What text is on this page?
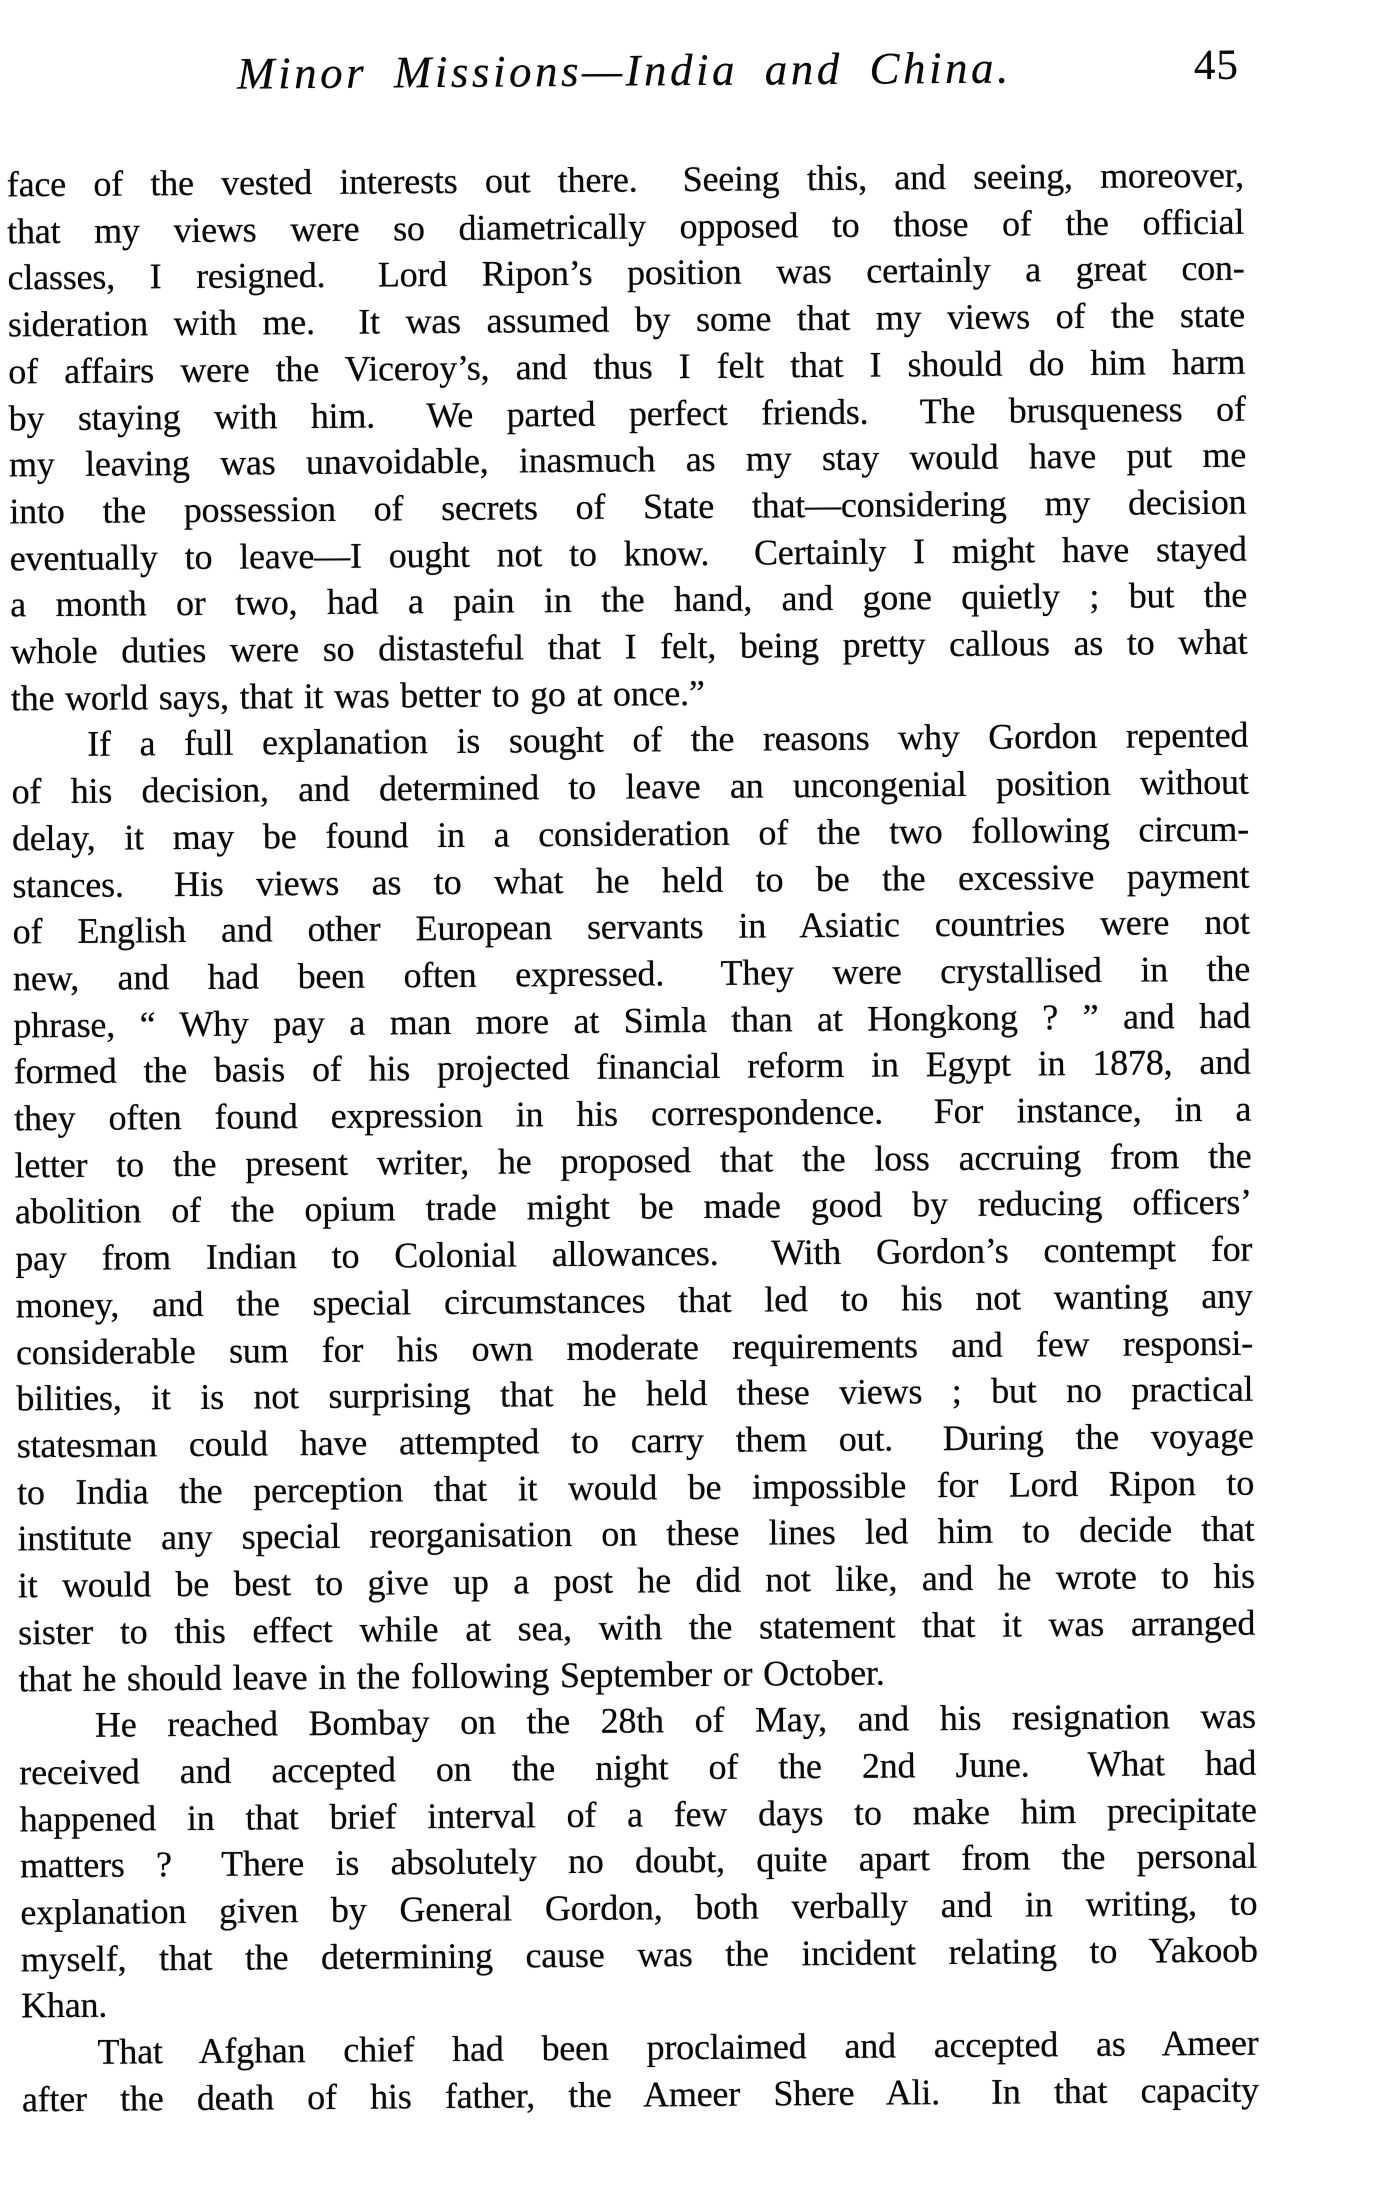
Minor Missions—India and China.	45
face of the vested interests out there.  Seeing this, and seeing, moreover,
that my views were so diametrically opposed to those of the official
classes, I resigned.  Lord Ripon’s position was certainly a great con-
sideration with me.  It was assumed by some that my views of the state
of affairs were the Viceroy’s, and thus I felt that I should do him harm
by staying with him.  We parted perfect friends.  The brusqueness of
my leaving was unavoidable, inasmuch as my stay would have put me
into the possession of secrets of State that—considering my decision
eventually to leave—I ought not to know.  Certainly I might have stayed
a month or two, had a pain in the hand, and gone quietly ; but the
whole duties were so distasteful that I felt, being pretty callous as to what
the world says, that it was better to go at once.”
If a full explanation is sought of the reasons why Gordon repented
of his decision, and determined to leave an uncongenial position without
delay, it may be found in a consideration of the two following circum-
stances.  His views as to what he held to be the excessive payment
of English and other European servants in Asiatic countries were not
new, and had been often expressed.  They were crystallised in the
phrase, “ Why pay a man more at Simla than at Hongkong ? ” and had
formed the basis of his projected financial reform in Egypt in 1878, and
they often found expression in his correspondence.  For instance, in a
letter to the present writer, he proposed that the loss accruing from the
abolition of the opium trade might be made good by reducing officers’
pay from Indian to Colonial allowances.  With Gordon’s contempt for
money, and the special circumstances that led to his not wanting any
considerable sum for his own moderate requirements and few responsi-
bilities, it is not surprising that he held these views ; but no practical
statesman could have attempted to carry them out.  During the voyage
to India the perception that it would be impossible for Lord Ripon to
institute any special reorganisation on these lines led him to decide that
it would be best to give up a post he did not like, and he wrote to his
sister to this effect while at sea, with the statement that it was arranged
that he should leave in the following September or October.
He reached Bombay on the 28th of May, and his resignation was
received and accepted on the night of the 2nd June.  What had
happened in that brief interval of a few days to make him precipitate
matters ?  There is absolutely no doubt, quite apart from the personal
explanation given by General Gordon, both verbally and in writing, to
myself, that the determining cause was the incident relating to Yakoob
Khan.
That Afghan chief had been proclaimed and accepted as Ameer
after the death of his father, the Ameer Shere Ali.  In that capacity
